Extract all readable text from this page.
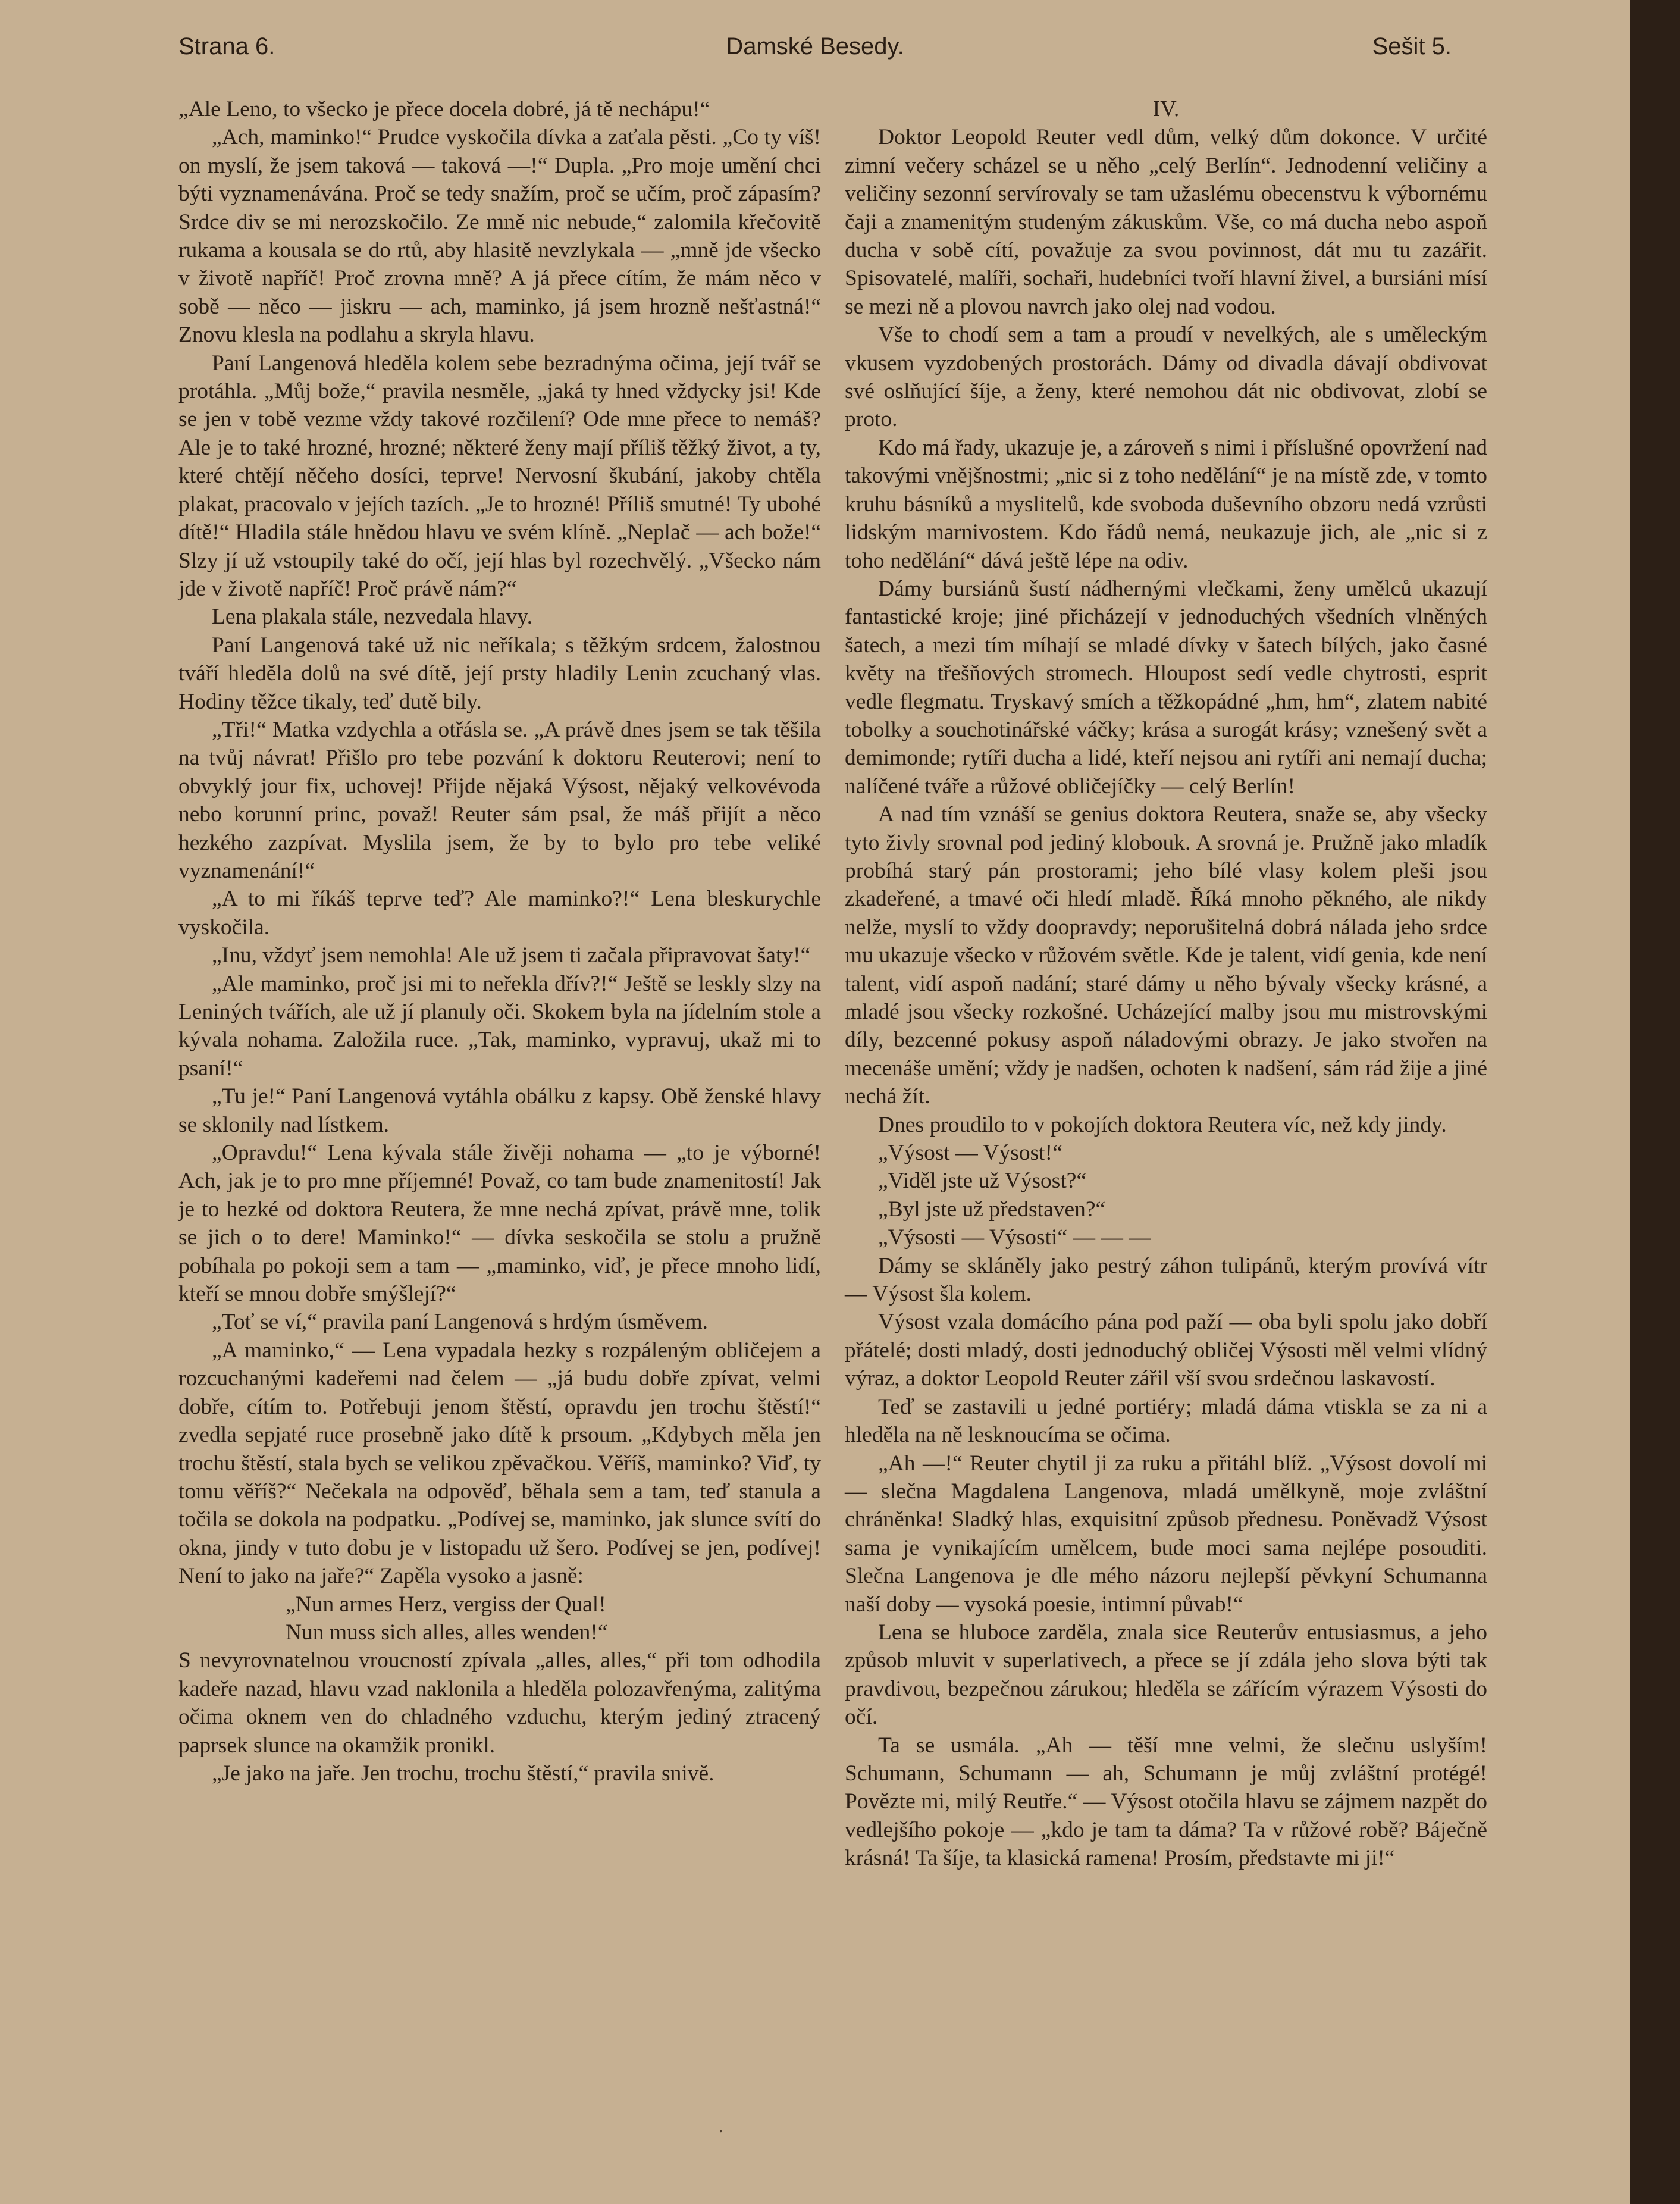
Strana 6.	Damské Besedy.	Sešit 5.

„Ale Leno, to všecko je přece docela dobré, já tě nechápu!“

„Ach, maminko!“ Prudce vyskočila dívka a zaťala pěsti. „Co ty víš! on myslí, že jsem taková — taková —!“ Dupla. „Pro moje umění chci býti vyznamenávána. Proč se tedy snažím, proč se učím, proč zápasím? Srdce div se mi nerozskočilo. Ze mně nic nebude,“ zalomila křečovitě rukama a kousala se do rtů, aby hlasitě nevzlykala — „mně jde všecko v životě napříč! Proč zrovna mně? A já přece cítím, že mám něco v sobě — něco — jiskru — ach, maminko, já jsem hrozně nešťastná!“ Znovu klesla na podlahu a skryla hlavu.

Paní Langenová hleděla kolem sebe bezradnýma očima, její tvář se protáhla. „Můj bože,“ pravila nesměle, „jaká ty hned vždycky jsi! Kde se jen v tobě vezme vždy takové rozčilení? Ode mne přece to nemáš? Ale je to také hrozné, hrozné; některé ženy mají příliš těžký život, a ty, které chtějí něčeho dosíci, teprve! Nervosní škubání, jakoby chtěla plakat, pracovalo v jejích tazích. „Je to hrozné! Příliš smutné! Ty ubohé dítě!“ Hladila stále hnědou hlavu ve svém klíně. „Neplač — ach bože!“ Slzy jí už vstoupily také do očí, její hlas byl rozechvělý. „Všecko nám jde v životě napříč! Proč právě nám?“

Lena plakala stále, nezvedala hlavy.

Paní Langenová také už nic neříkala; s těžkým srdcem, žalostnou tváří hleděla dolů na své dítě, její prsty hladily Lenin zcuchaný vlas. Hodiny těžce tikaly, teď dutě bily.

„Tři!“ Matka vzdychla a otřásla se. „A právě dnes jsem se tak těšila na tvůj návrat! Přišlo pro tebe pozvání k doktoru Reuterovi; není to obvyklý jour fix, uchovej! Přijde nějaká Výsost, nějaký velkovévoda nebo korunní princ, považ! Reuter sám psal, že máš přijít a něco hezkého zazpívat. Myslila jsem, že by to bylo pro tebe veliké vyznamenání!“

„A to mi říkáš teprve teď? Ale maminko?!“ Lena bleskurychle vyskočila.

„Inu, vždyť jsem nemohla! Ale už jsem ti začala připravovat šaty!“

„Ale maminko, proč jsi mi to neřekla dřív?!“ Ještě se leskly slzy na Leniných tvářích, ale už jí planuly oči. Skokem byla na jídelním stole a kývala nohama. Založila ruce. „Tak, maminko, vypravuj, ukaž mi to psaní!“

„Tu je!“ Paní Langenová vytáhla obálku z kapsy. Obě ženské hlavy se sklonily nad lístkem.

„Opravdu!“ Lena kývala stále živěji nohama — „to je výborné! Ach, jak je to pro mne příjemné! Považ, co tam bude znamenitostí! Jak je to hezké od doktora Reutera, že mne nechá zpívat, právě mne, tolik se jich o to dere! Maminko!“ — dívka seskočila se stolu a pružně pobíhala po pokoji sem a tam — „maminko, viď, je přece mnoho lidí, kteří se mnou dobře smýšlejí?“

„Toť se ví,“ pravila paní Langenová s hrdým úsměvem.

„A maminko,“ — Lena vypadala hezky s rozpáleným obličejem a rozcuchanými kadeřemi nad čelem — „já budu dobře zpívat, velmi dobře, cítím to. Potřebuji jenom štěstí, opravdu jen trochu štěstí!“ zvedla sepjaté ruce prosebně jako dítě k prsoum. „Kdybych měla jen trochu štěstí, stala bych se velikou zpěvačkou. Věříš, maminko? Viď, ty tomu věříš?“ Nečekala na odpověď, běhala sem a tam, teď stanula a točila se dokola na podpatku. „Podívej se, maminko, jak slunce svítí do okna, jindy v tuto dobu je v listopadu už šero. Podívej se jen, podívej! Není to jako na jaře?“ Zapěla vysoko a jasně:

„Nun armes Herz, vergiss der Qual!

Nun muss sich alles, alles wenden!“

S nevyrovnatelnou vroucností zpívala „alles, alles,“ při tom odhodila kadeře nazad, hlavu vzad naklonila a hleděla polozavřenýma, zalitýma očima oknem ven do chladného vzduchu, kterým jediný ztracený paprsek slunce na okamžik pronikl.

„Je jako na jaře. Jen trochu, trochu štěstí,“ pravila snivě.

IV.

Doktor Leopold Reuter vedl dům, velký dům dokonce. V určité zimní večery scházel se u něho „celý Berlín“. Jednodenní veličiny a veličiny sezonní servírovaly se tam užaslému obecenstvu k výbornému čaji a znamenitým studeným zákuskům. Vše, co má ducha nebo aspoň ducha v sobě cítí, považuje za svou povinnost, dát mu tu zazářit. Spisovatelé, malíři, sochaři, hudebníci tvoří hlavní živel, a bursiáni mísí se mezi ně a plovou navrch jako olej nad vodou.

Vše to chodí sem a tam a proudí v nevelkých, ale s uměleckým vkusem vyzdobených prostorách. Dámy od divadla dávají obdivovat své oslňující šíje, a ženy, které nemohou dát nic obdivovat, zlobí se proto.

Kdo má řady, ukazuje je, a zároveň s nimi i příslušné opovržení nad takovými vnějšnostmi; „nic si z toho nedělání“ je na místě zde, v tomto kruhu básníků a myslitelů, kde svoboda duševního obzoru nedá vzrůsti lidským marnivostem. Kdo řádů nemá, neukazuje jich, ale „nic si z toho nedělání“ dává ještě lépe na odiv.

Dámy bursiánů šustí nádhernými vlečkami, ženy umělců ukazují fantastické kroje; jiné přicházejí v jednoduchých všedních vlněných šatech, a mezi tím míhají se mladé dívky v šatech bílých, jako časné květy na třešňových stromech. Hloupost sedí vedle chytrosti, esprit vedle flegmatu. Tryskavý smích a těžkopádné „hm, hm“, zlatem nabité tobolky a souchotinářské váčky; krása a surogát krásy; vznešený svět a demimonde; rytíři ducha a lidé, kteří nejsou ani rytíři ani nemají ducha; nalíčené tváře a růžové obličejíčky — celý Berlín!

A nad tím vznáší se genius doktora Reutera, snaže se, aby všecky tyto živly srovnal pod jediný klobouk. A srovná je. Pružně jako mladík probíhá starý pán prostorami; jeho bílé vlasy kolem pleši jsou zkadeřené, a tmavé oči hledí mladě. Říká mnoho pěkného, ale nikdy nelže, myslí to vždy doopravdy; neporušitelná dobrá nálada jeho srdce mu ukazuje všecko v růžovém světle. Kde je talent, vidí genia, kde není talent, vidí aspoň nadání; staré dámy u něho bývaly všecky krásné, a mladé jsou všecky rozkošné. Ucházející malby jsou mu mistrovskými díly, bezcenné pokusy aspoň náladovými obrazy. Je jako stvořen na mecenáše umění; vždy je nadšen, ochoten k nadšení, sám rád žije a jiné nechá žít.

Dnes proudilo to v pokojích doktora Reutera víc, než kdy jindy.

„Výsost — Výsost!“

„Viděl jste už Výsost?“

„Byl jste už představen?“

„Výsosti — Výsosti“ — — —

Dámy se skláněly jako pestrý záhon tulipánů, kterým provívá vítr — Výsost šla kolem.

Výsost vzala domácího pána pod paží — oba byli spolu jako dobří přátelé; dosti mladý, dosti jednoduchý obličej Výsosti měl velmi vlídný výraz, a doktor Leopold Reuter zářil vší svou srdečnou laskavostí.

Teď se zastavili u jedné portiéry; mladá dáma vtiskla se za ni a hleděla na ně lesknoucíma se očima.

„Ah —!“ Reuter chytil ji za ruku a přitáhl blíž. „Výsost dovolí mi — slečna Magdalena Langenova, mladá umělkyně, moje zvláštní chráněnka! Sladký hlas, exquisitní způsob přednesu. Poněvadž Výsost sama je vynikajícím umělcem, bude moci sama nejlépe posouditi. Slečna Langenova je dle mého názoru nejlepší pěvkyní Schumanna naší doby — vysoká poesie, intimní půvab!“

Lena se hluboce zarděla, znala sice Reuterův entusiasmus, a jeho způsob mluvit v superlativech, a přece se jí zdála jeho slova býti tak pravdivou, bezpečnou zárukou; hleděla se zářícím výrazem Výsosti do očí.

Ta se usmála. „Ah — těší mne velmi, že slečnu uslyším! Schumann, Schumann — ah, Schumann je můj zvláštní protégé! Povězte mi, milý Reutře.“ — Výsost otočila hlavu se zájmem nazpět do vedlejšího pokoje — „kdo je tam ta dáma? Ta v růžové robě? Báječně krásná! Ta šíje, ta klasická ramena! Prosím, představte mi ji!“

.
